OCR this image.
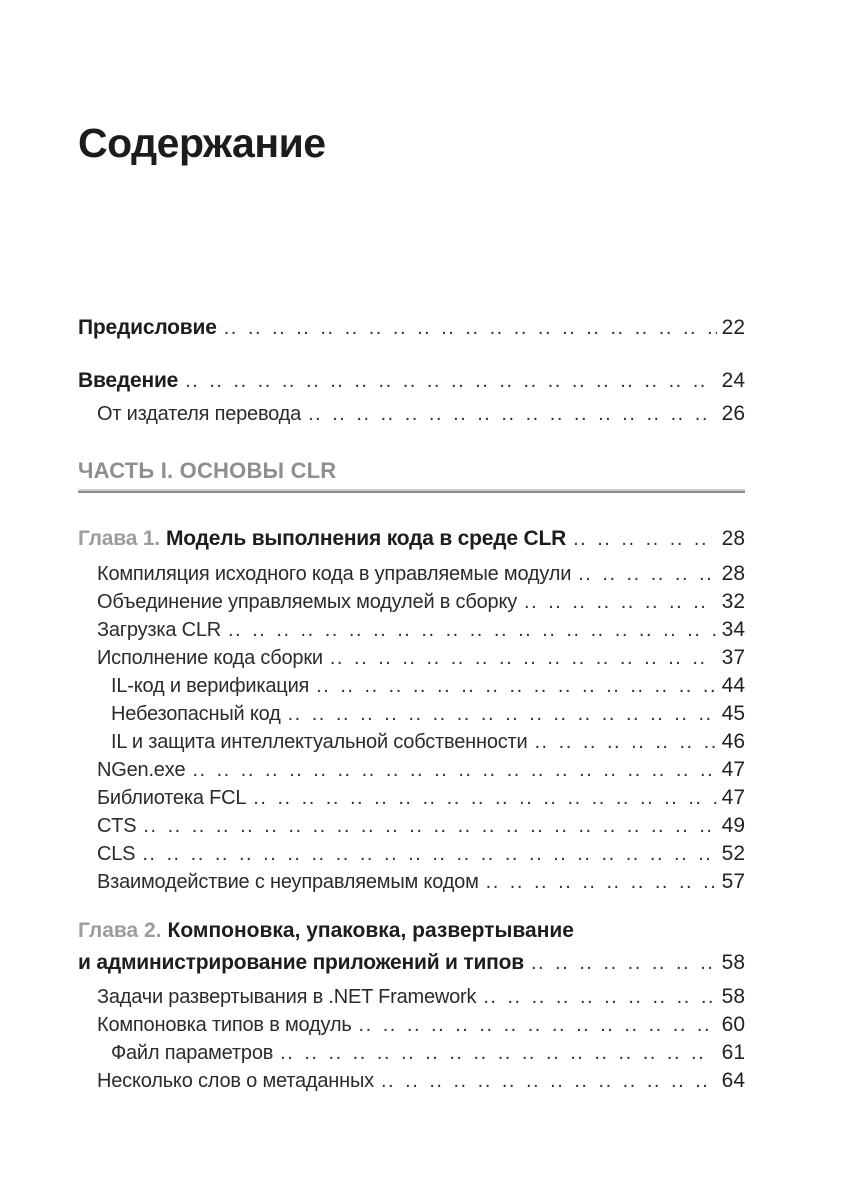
Содержание
Предисловие .. ..	22
Введение .. ..	24
От издателя перевода .. ..	26
ЧАСТЬ I. ОСНОВЫ CLR
Глава 1. Модель выполнения кода в среде CLR .. ..	28
Компиляция исходного кода в управляемые модули .. ..	28
Объединение управляемых модулей в сборку .. ..	32
Загрузка CLR .. ..	34
Исполнение кода сборки .. ..	37
IL-код и верификация .. ..	44
Небезопасный код .. ..	45
IL и защита интеллектуальной собственности .. ..	46
NGen.exe .. ..	47
Библиотека FCL .. ..	47
CTS .. ..	49
CLS .. ..	52
Взаимодействие с неуправляемым кодом .. ..	57
Глава 2. Компоновка, упаковка, развертывание
и администрирование приложений и типов .. ..	58
Задачи развертывания в .NET Framework .. ..	58
Компоновка типов в модуль .. ..	60
Файл параметров .. ..	61
Несколько слов о метаданных .. ..	64
